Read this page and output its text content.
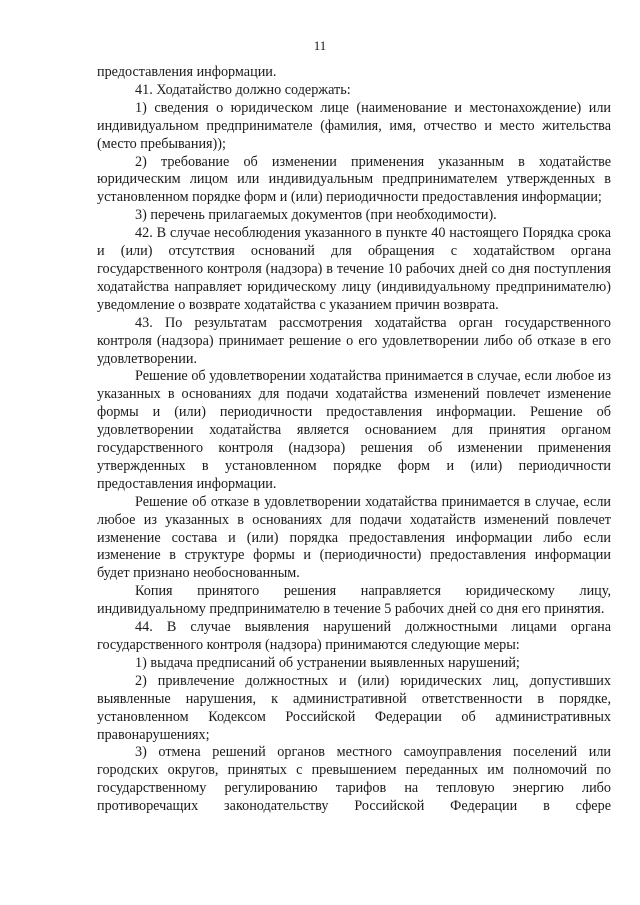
11

предоставления информации.

41. Ходатайство должно содержать:

1) сведения о юридическом лице (наименование и местонахождение) или индивидуальном предпринимателе (фамилия, имя, отчество и место жительства (место пребывания));

2) требование об изменении применения указанным в ходатайстве юридическим лицом или индивидуальным предпринимателем утвержденных в установленном порядке форм и (или) периодичности предоставления информации;

3) перечень прилагаемых документов (при необходимости).

42. В случае несоблюдения указанного в пункте 40 настоящего Порядка срока и (или) отсутствия оснований для обращения с ходатайством органа государственного контроля (надзора) в течение 10 рабочих дней со дня поступления ходатайства направляет юридическому лицу (индивидуальному предпринимателю) уведомление о возврате ходатайства с указанием причин возврата.

43. По результатам рассмотрения ходатайства орган государственного контроля (надзора) принимает решение о его удовлетворении либо об отказе в его удовлетворении.

Решение об удовлетворении ходатайства принимается в случае, если любое из указанных в основаниях для подачи ходатайства изменений повлечет изменение формы и (или) периодичности предоставления информации. Решение об удовлетворении ходатайства является основанием для принятия органом государственного контроля (надзора) решения об изменении применения утвержденных в установленном порядке форм и (или) периодичности предоставления информации.

Решение об отказе в удовлетворении ходатайства принимается в случае, если любое из указанных в основаниях для подачи ходатайств изменений повлечет изменение состава и (или) порядка предоставления информации либо если изменение в структуре формы и (периодичности) предоставления информации будет признано необоснованным.

Копия принятого решения направляется юридическому лицу, индивидуальному предпринимателю в течение 5 рабочих дней со дня его принятия.

44. В случае выявления нарушений должностными лицами органа государственного контроля (надзора) принимаются следующие меры:

1) выдача предписаний об устранении выявленных нарушений;

2) привлечение должностных и (или) юридических лиц, допустивших выявленные нарушения, к административной ответственности в порядке, установленном Кодексом Российской Федерации об административных правонарушениях;

3) отмена решений органов местного самоуправления поселений или городских округов, принятых с превышением переданных им полномочий по государственному регулированию тарифов на тепловую энергию либо противоречащих законодательству Российской Федерации в сфере
